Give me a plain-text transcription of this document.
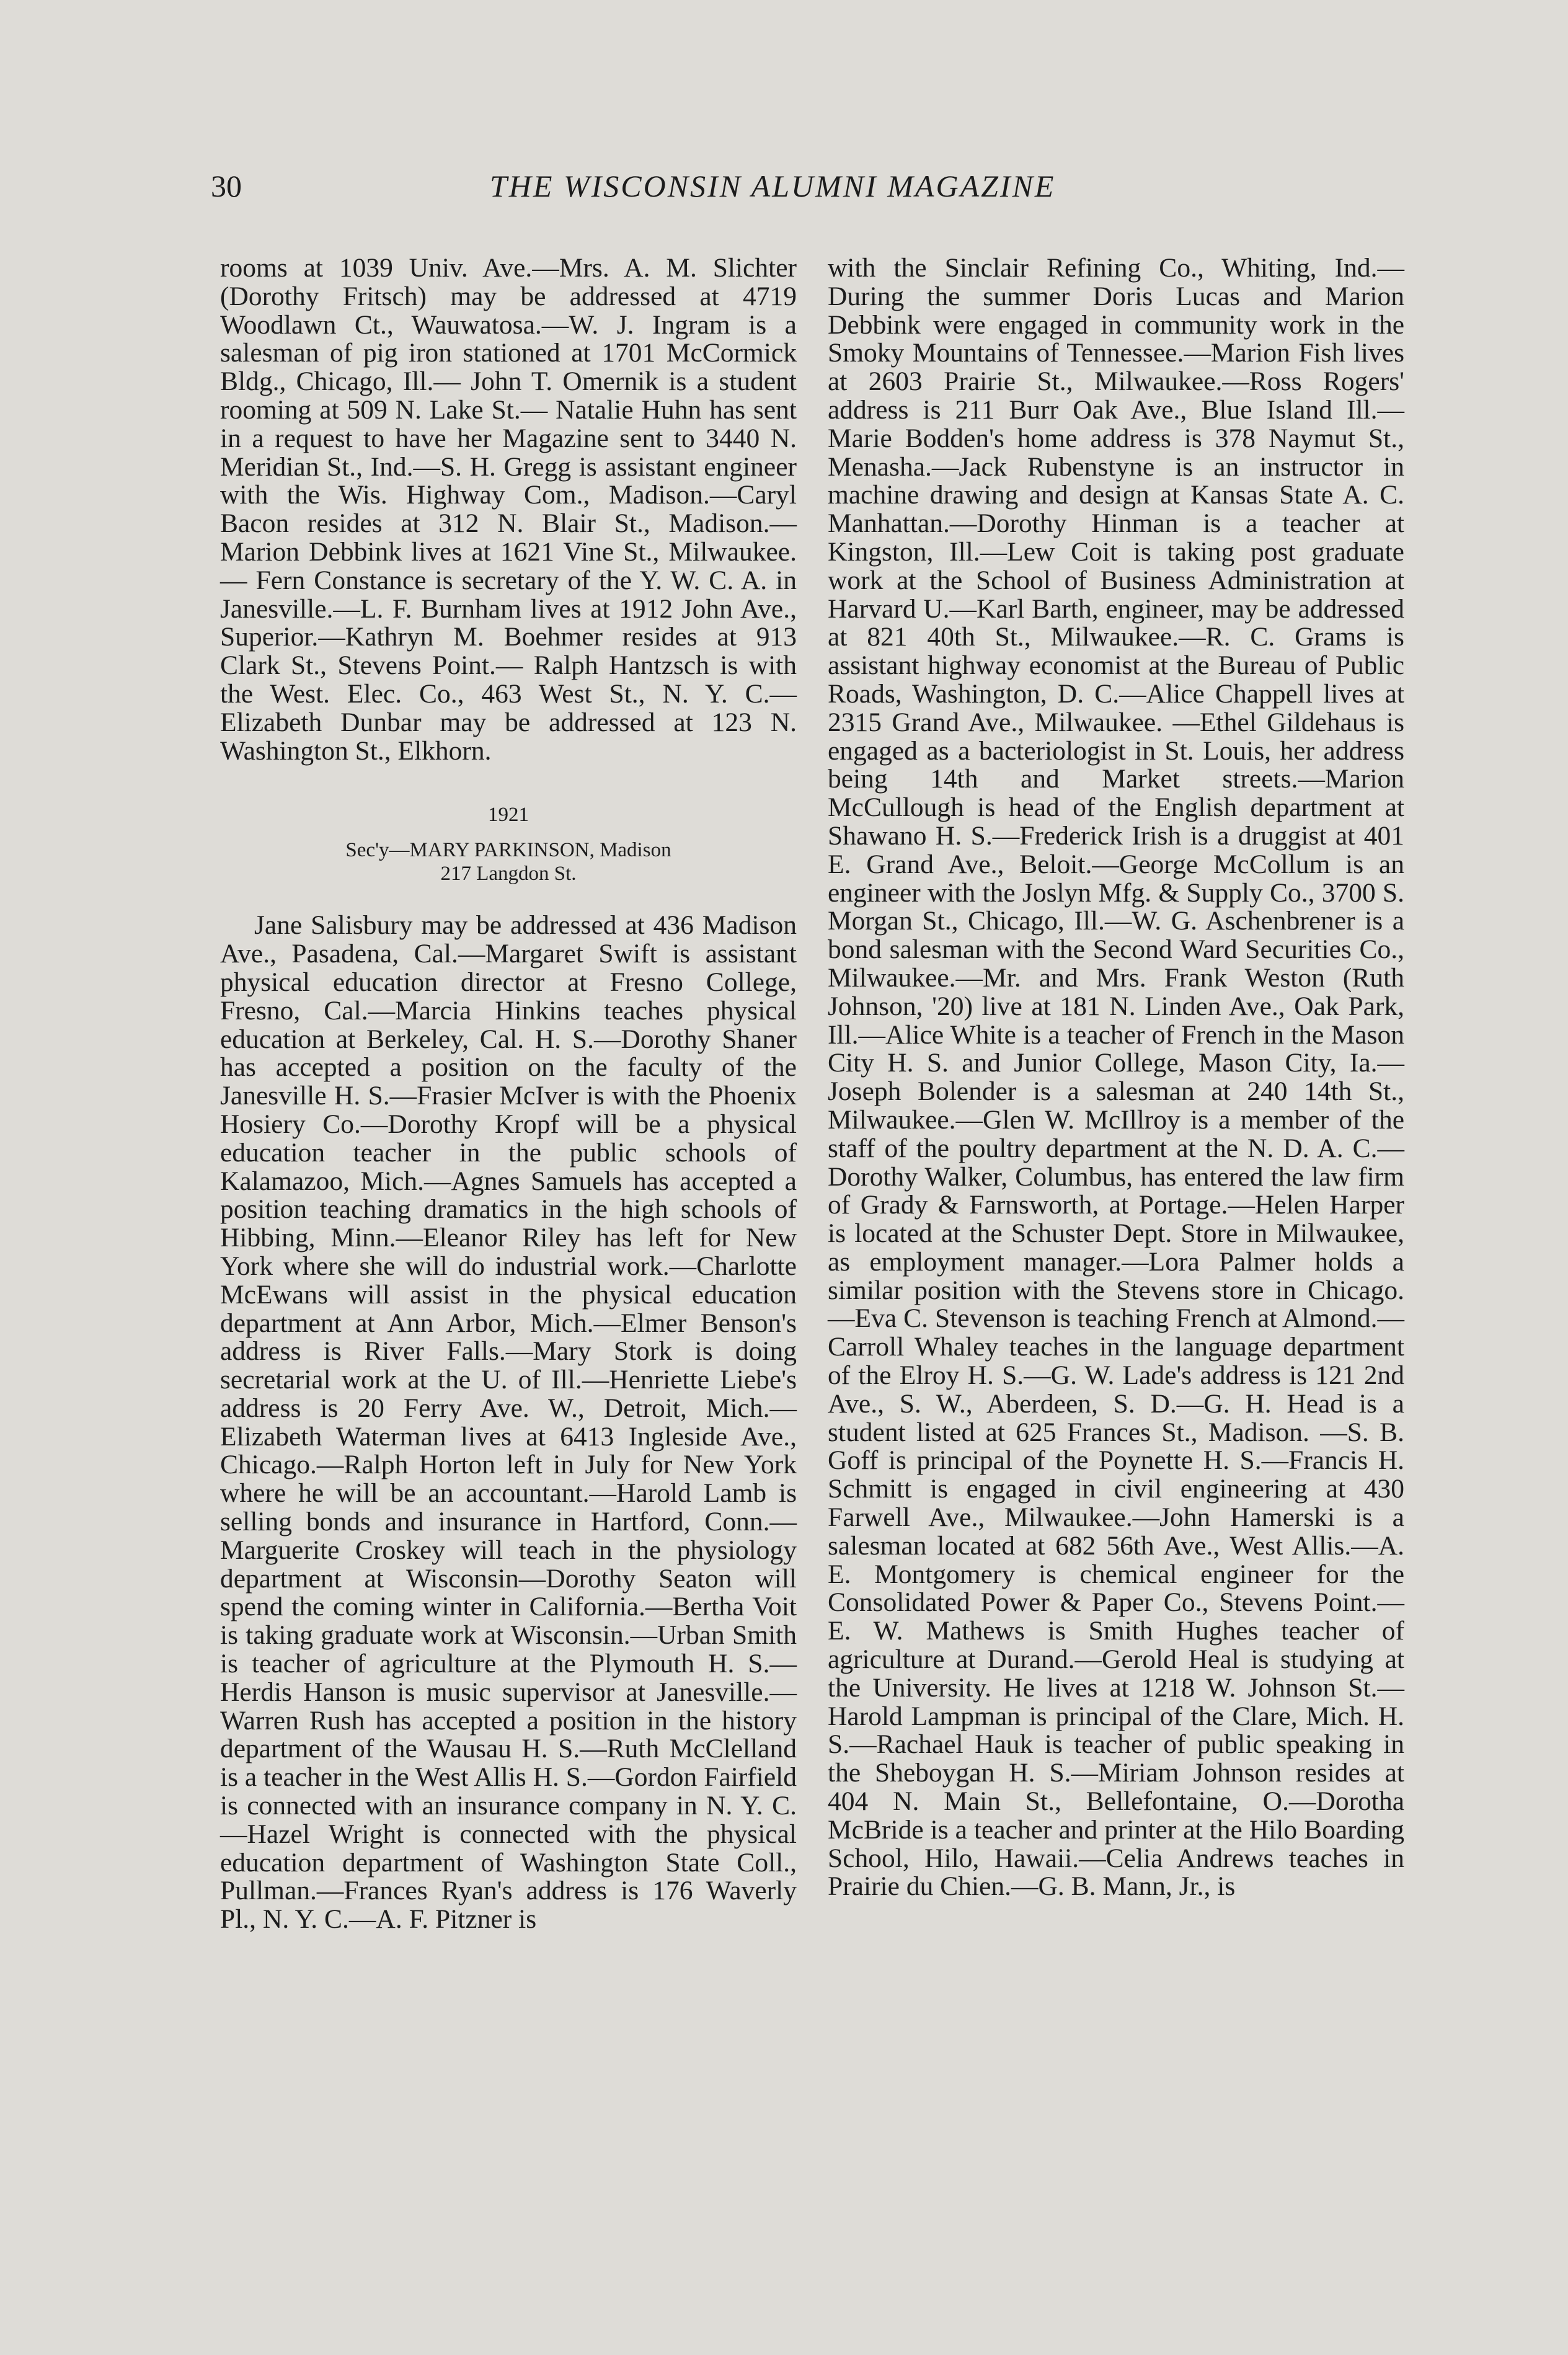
30	THE WISCONSIN ALUMNI MAGAZINE

rooms at 1039 Univ. Ave.—Mrs. A. M. Slichter (Dorothy Fritsch) may be addressed at 4719 Woodlawn Ct., Wauwatosa.—W. J. Ingram is a salesman of pig iron stationed at 1701 McCormick Bldg., Chicago, Ill.— John T. Omernik is a student rooming at 509 N. Lake St.— Natalie Huhn has sent in a request to have her Magazine sent to 3440 N. Meridian St., Ind.—S. H. Gregg is assistant engineer with the Wis. Highway Com., Madison.—Caryl Bacon resides at 312 N. Blair St., Madison.— Marion Debbink lives at 1621 Vine St., Milwaukee.— Fern Constance is secretary of the Y. W. C. A. in Janesville.—L. F. Burnham lives at 1912 John Ave., Superior.—Kathryn M. Boehmer resides at 913 Clark St., Stevens Point.— Ralph Hantzsch is with the West. Elec. Co., 463 West St., N. Y. C.— Elizabeth Dunbar may be addressed at 123 N. Washington St., Elkhorn.

1921
Sec'y—MARY PARKINSON, Madison
217 Langdon St.

Jane Salisbury may be addressed at 436 Madison Ave., Pasadena, Cal.—Margaret Swift is assistant physical education director at Fresno College, Fresno, Cal.—Marcia Hinkins teaches physical education at Berkeley, Cal. H. S.—Dorothy Shaner has accepted a position on the faculty of the Janesville H. S.—Frasier McIver is with the Phoenix Hosiery Co.—Dorothy Kropf will be a physical education teacher in the public schools of Kalamazoo, Mich.—Agnes Samuels has accepted a position teaching dramatics in the high schools of Hibbing, Minn.—Eleanor Riley has left for New York where she will do industrial work.—Charlotte McEwans will assist in the physical education department at Ann Arbor, Mich.—Elmer Benson's address is River Falls.—Mary Stork is doing secretarial work at the U. of Ill.—Henriette Liebe's address is 20 Ferry Ave. W., Detroit, Mich.—Elizabeth Waterman lives at 6413 Ingleside Ave., Chicago.—Ralph Horton left in July for New York where he will be an accountant.—Harold Lamb is selling bonds and insurance in Hartford, Conn.—Marguerite Croskey will teach in the physiology department at Wisconsin—Dorothy Seaton will spend the coming winter in California.—Bertha Voit is taking graduate work at Wisconsin.—Urban Smith is teacher of agriculture at the Plymouth H. S.—Herdis Hanson is music supervisor at Janesville.—Warren Rush has accepted a position in the history department of the Wausau H. S.—Ruth McClelland is a teacher in the West Allis H. S.—Gordon Fairfield is connected with an insurance company in N. Y. C.—Hazel Wright is connected with the physical education department of Washington State Coll., Pullman.—Frances Ryan's address is 176 Waverly Pl., N. Y. C.—A. F. Pitzner is

with the Sinclair Refining Co., Whiting, Ind.—During the summer Doris Lucas and Marion Debbink were engaged in community work in the Smoky Mountains of Tennessee.—Marion Fish lives at 2603 Prairie St., Milwaukee.—Ross Rogers' address is 211 Burr Oak Ave., Blue Island Ill.—Marie Bodden's home address is 378 Naymut St., Menasha.—Jack Rubenstyne is an instructor in machine drawing and design at Kansas State A. C. Manhattan.—Dorothy Hinman is a teacher at Kingston, Ill.—Lew Coit is taking post graduate work at the School of Business Administration at Harvard U.—Karl Barth, engineer, may be addressed at 821 40th St., Milwaukee.—R. C. Grams is assistant highway economist at the Bureau of Public Roads, Washington, D. C.—Alice Chappell lives at 2315 Grand Ave., Milwaukee. —Ethel Gildehaus is engaged as a bacteriologist in St. Louis, her address being 14th and Market streets.—Marion McCullough is head of the English department at Shawano H. S.—Frederick Irish is a druggist at 401 E. Grand Ave., Beloit.—George McCollum is an engineer with the Joslyn Mfg. & Supply Co., 3700 S. Morgan St., Chicago, Ill.—W. G. Aschenbrener is a bond salesman with the Second Ward Securities Co., Milwaukee.—Mr. and Mrs. Frank Weston (Ruth Johnson, '20) live at 181 N. Linden Ave., Oak Park, Ill.—Alice White is a teacher of French in the Mason City H. S. and Junior College, Mason City, Ia.—Joseph Bolender is a salesman at 240 14th St., Milwaukee.—Glen W. McIllroy is a member of the staff of the poultry department at the N. D. A. C.—Dorothy Walker, Columbus, has entered the law firm of Grady & Farnsworth, at Portage.—Helen Harper is located at the Schuster Dept. Store in Milwaukee, as employment manager.—Lora Palmer holds a similar position with the Stevens store in Chicago. —Eva C. Stevenson is teaching French at Almond.—Carroll Whaley teaches in the language department of the Elroy H. S.—G. W. Lade's address is 121 2nd Ave., S. W., Aberdeen, S. D.—G. H. Head is a student listed at 625 Frances St., Madison. —S. B. Goff is principal of the Poynette H. S.—Francis H. Schmitt is engaged in civil engineering at 430 Farwell Ave., Milwaukee.—John Hamerski is a salesman located at 682 56th Ave., West Allis.—A. E. Montgomery is chemical engineer for the Consolidated Power & Paper Co., Stevens Point.—E. W. Mathews is Smith Hughes teacher of agriculture at Durand.—Gerold Heal is studying at the University. He lives at 1218 W. Johnson St.—Harold Lampman is principal of the Clare, Mich. H. S.—Rachael Hauk is teacher of public speaking in the Sheboygan H. S.—Miriam Johnson resides at 404 N. Main St., Bellefontaine, O.—Dorotha McBride is a teacher and printer at the Hilo Boarding School, Hilo, Hawaii.—Celia Andrews teaches in Prairie du Chien.—G. B. Mann, Jr., is
